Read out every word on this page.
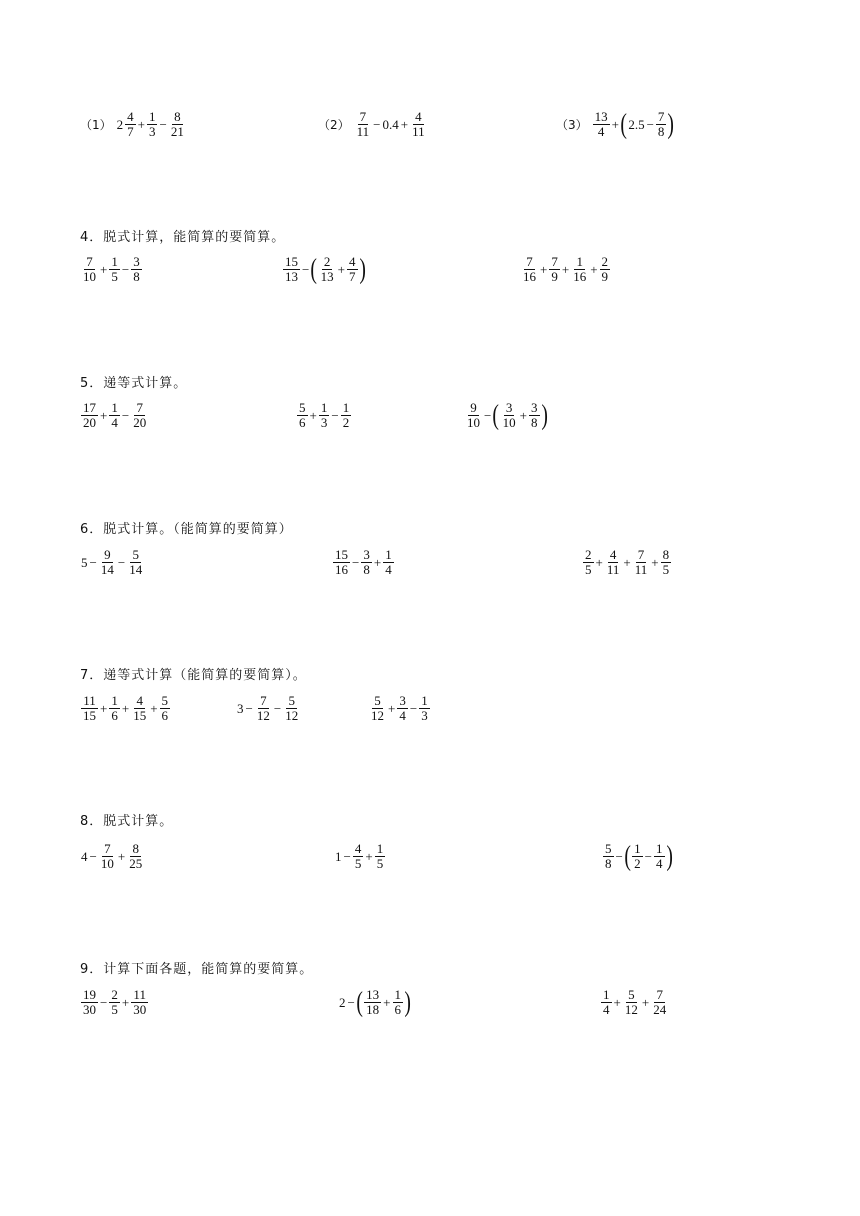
（1） $2 \frac{4}{7} + \frac{1}{3} - \frac{8}{21}$	$(2) \frac{7}{11} - 0.4 + \frac{4}{11}$	$(3) \frac{13}{4}$ + ( $2.5 - \frac{7}{8}$ )
4．脱式计算，能简算的要简算。
$\frac{7}{10} + \frac{1}{5} - \frac{3}{8}$	$\frac{15}{13}$ − ( $\frac{2}{13} + \frac{4}{7}$ )	$\frac{7}{16} + \frac{7}{9} + \frac{1}{16} + \frac{2}{9}$
5．递等式计算。
$\frac{17}{20} + \frac{1}{4} - \frac{7}{20}$	$\frac{5}{6} + \frac{1}{3} - \frac{1}{2}$	$\frac{9}{10}$ − ( $\frac{3}{10} + \frac{3}{8}$ )
6．脱式计算。（能简算的要简算）
$5 - \frac{9}{14} - \frac{5}{14}$	$\frac{15}{16} - \frac{3}{8} + \frac{1}{4}$	$\frac{2}{5} + \frac{4}{11} + \frac{7}{11} + \frac{8}{5}$
7．递等式计算（能简算的要简算）。
$\frac{11}{15} + \frac{1}{6} + \frac{4}{15} + \frac{5}{6}$	$3 - \frac{7}{12} - \frac{5}{12}$	$\frac{5}{12} + \frac{3}{4} - \frac{1}{3}$
8．脱式计算。
$4 - \frac{7}{10} + \frac{8}{25}$	$1 - \frac{4}{5} + \frac{1}{5}$	$\frac{5}{8}$ − ( $\frac{1}{2} - \frac{1}{4}$ )
9．计算下面各题，能简算的要简算。
$\frac{19}{30} - \frac{2}{5} + \frac{11}{30}$	2 − ( $\frac{13}{18} + \frac{1}{6}$ )	$\frac{1}{4} + \frac{5}{12} + \frac{7}{24}$
